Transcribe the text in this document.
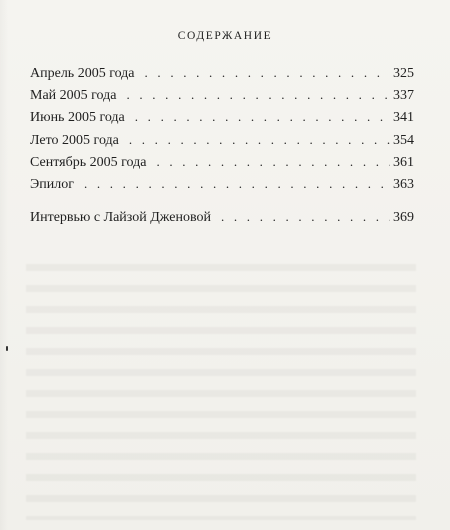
СОДЕРЖАНИЕ
Апрель 2005 года . . .	325
Май 2005 года . . .	337
Июнь 2005 года . . .	341
Лето 2005 года . . .	354
Сентябрь 2005 года . . .	361
Эпилог . . .	363
Интервью с Лайзой Дженовой . . .	369
